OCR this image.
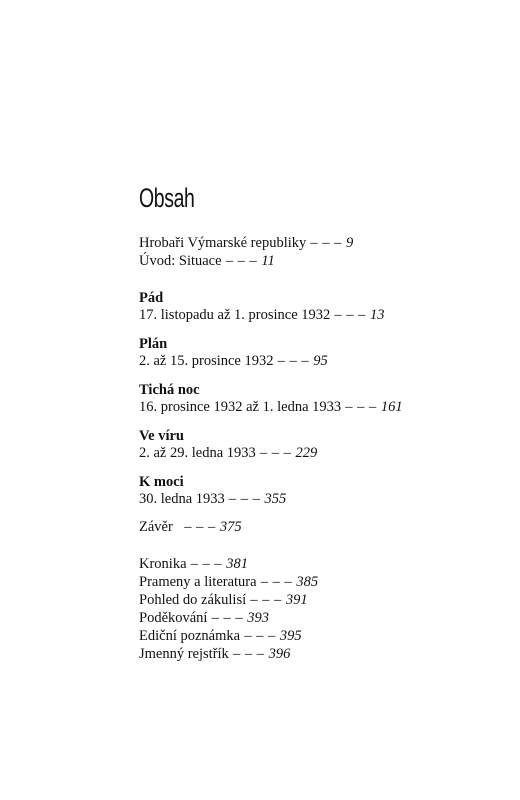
Obsah
Hrobaři Výmarské republiky – – – 9
Úvod: Situace – – – 11
Pád
17. listopadu až 1. prosince 1932 – – – 13
Plán
2. až 15. prosince 1932 – – – 95
Tichá noc
16. prosince 1932 až 1. ledna 1933 – – – 161
Ve víru
2. až 29. ledna 1933 – – – 229
K moci
30. ledna 1933 – – – 355
Závěr   – – – 375
Kronika – – – 381
Prameny a literatura – – – 385
Pohled do zákulisí – – – 391
Poděkování – – – 393
Ediční poznámka – – – 395
Jmenný rejstřík – – – 396
